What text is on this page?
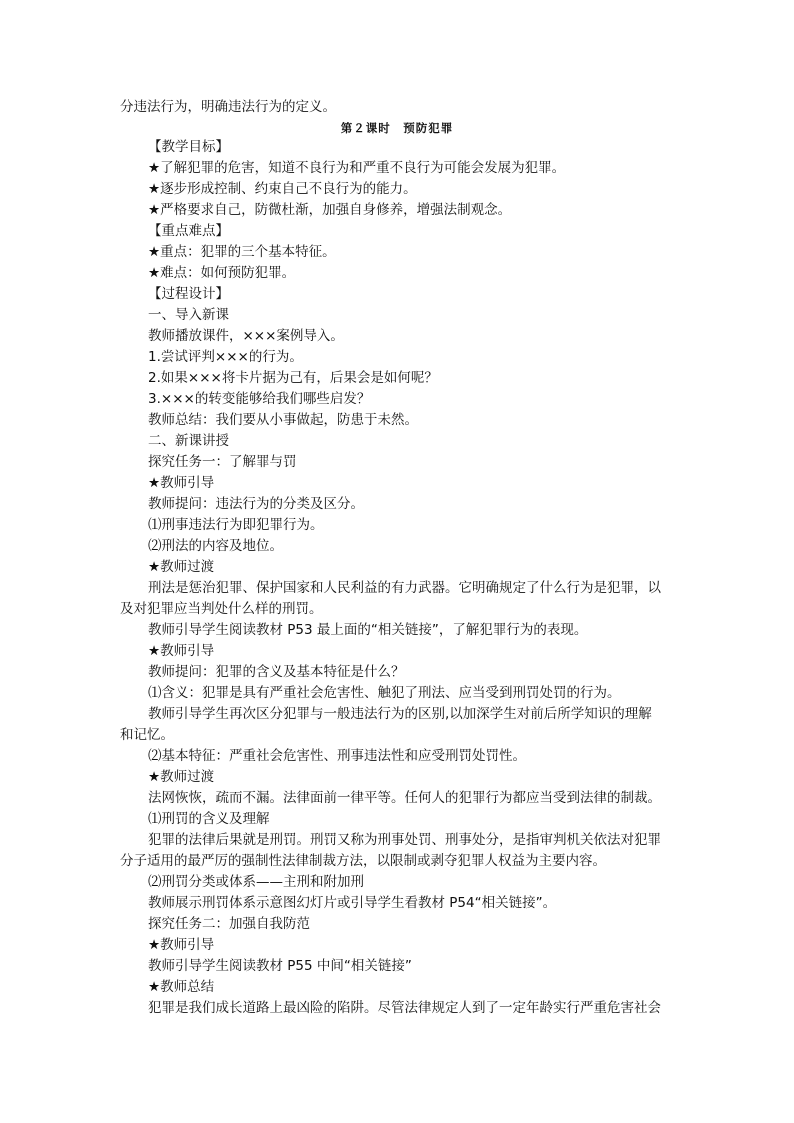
分违法行为，明确违法行为的定义。
第２课时　预防犯罪
【教学目标】
★了解犯罪的危害，知道不良行为和严重不良行为可能会发展为犯罪。
★逐步形成控制、约束自己不良行为的能力。
★严格要求自己，防微杜渐，加强自身修养，增强法制观念。
【重点难点】
★重点：犯罪的三个基本特征。
★难点：如何预防犯罪。
【过程设计】
一、导入新课
教师播放课件，×××案例导入。
1.尝试评判×××的行为。
2.如果×××将卡片据为己有，后果会是如何呢？
3.×××的转变能够给我们哪些启发？
教师总结：我们要从小事做起，防患于未然。
二、新课讲授
探究任务一：了解罪与罚
★教师引导
教师提问：违法行为的分类及区分。
⑴刑事违法行为即犯罪行为。
⑵刑法的内容及地位。
★教师过渡
刑法是惩治犯罪、保护国家和人民利益的有力武器。它明确规定了什么行为是犯罪，以
及对犯罪应当判处什么样的刑罚。
教师引导学生阅读教材 P53 最上面的“相关链接”，了解犯罪行为的表现。
★教师引导
教师提问：犯罪的含义及基本特征是什么？
⑴含义：犯罪是具有严重社会危害性、触犯了刑法、应当受到刑罚处罚的行为。
教师引导学生再次区分犯罪与一般违法行为的区别,以加深学生对前后所学知识的理解
和记忆。
⑵基本特征：严重社会危害性、刑事违法性和应受刑罚处罚性。
★教师过渡
法网恢恢，疏而不漏。法律面前一律平等。任何人的犯罪行为都应当受到法律的制裁。
⑴刑罚的含义及理解
犯罪的法律后果就是刑罚。刑罚又称为刑事处罚、刑事处分，是指审判机关依法对犯罪
分子适用的最严厉的强制性法律制裁方法，以限制或剥夺犯罪人权益为主要内容。
⑵刑罚分类或体系——主刑和附加刑
教师展示刑罚体系示意图幻灯片或引导学生看教材 P54“相关链接”。
探究任务二：加强自我防范
★教师引导
教师引导学生阅读教材 P55 中间“相关链接”
★教师总结
犯罪是我们成长道路上最凶险的陷阱。尽管法律规定人到了一定年龄实行严重危害社会
